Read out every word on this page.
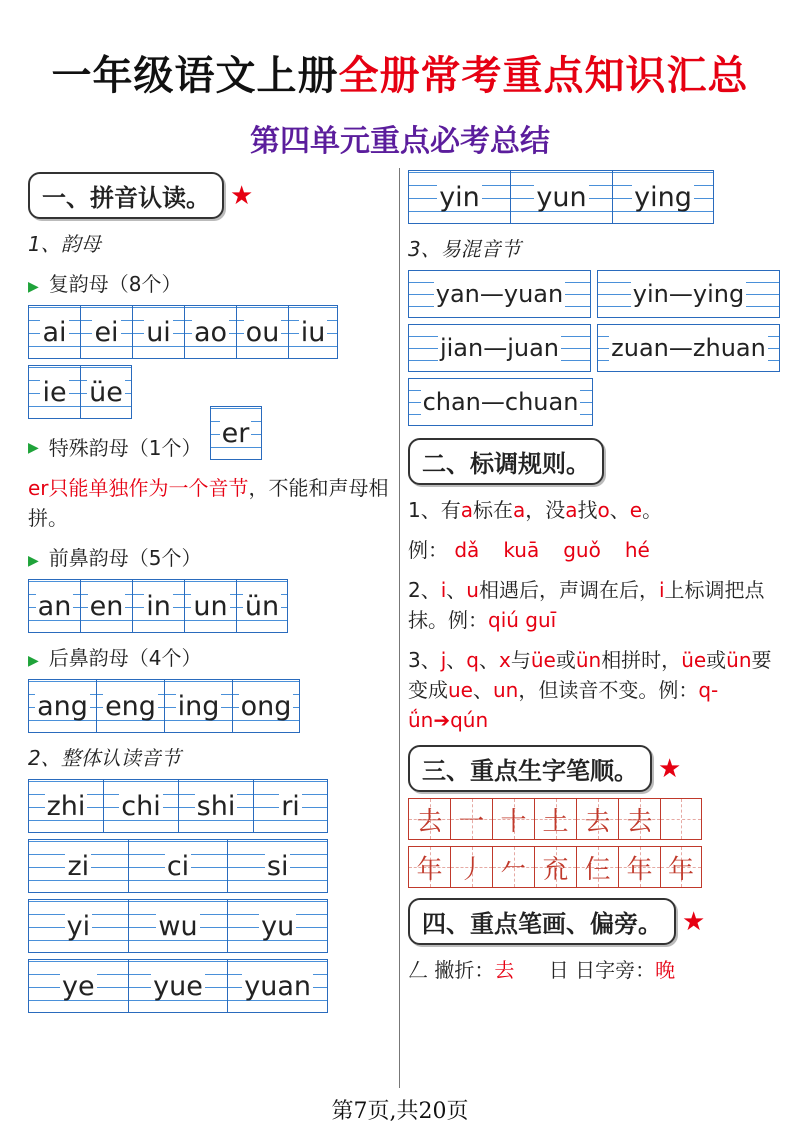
一年级语文上册全册常考重点知识汇总
第四单元重点必考总结
一、拼音认读。 ★
1、韵母
▶ 复韵母（8个）
ai ei ui ao ou iu
ie üe
▶ 特殊韵母（1个） er
er只能单独作为一个音节，不能和声母相拼。
▶ 前鼻韵母（5个）
an en in un ün
▶ 后鼻韵母（4个）
ang eng ing ong
2、整体认读音节
zhi chi shi ri
zi	ci	si
yi	wu yu
ye yue yuan
yin yun ying
3、易混音节
yan—yuan	yin—ying
jian—juan zuan—zhuan
chan—chuan
二、标调规则。
1、有a标在a，没a找o、e。
例： dǎ kuā guǒ hé
2、i、u相遇后，声调在后，i上标调把点抹。例：qiú guī
3、j、q、x与üe或ün相拼时，üe或ün要变成ue、un，但读音不变。例：q-ǘn➔qún
三、重点生字笔顺。 ★
去 一 十 土 去 去
年 丿 𠂉 㐬 仨 年 年
四、重点笔画、偏旁。 ★
𠃋 撇折：去 日 日字旁：晚
第7页,共20页
